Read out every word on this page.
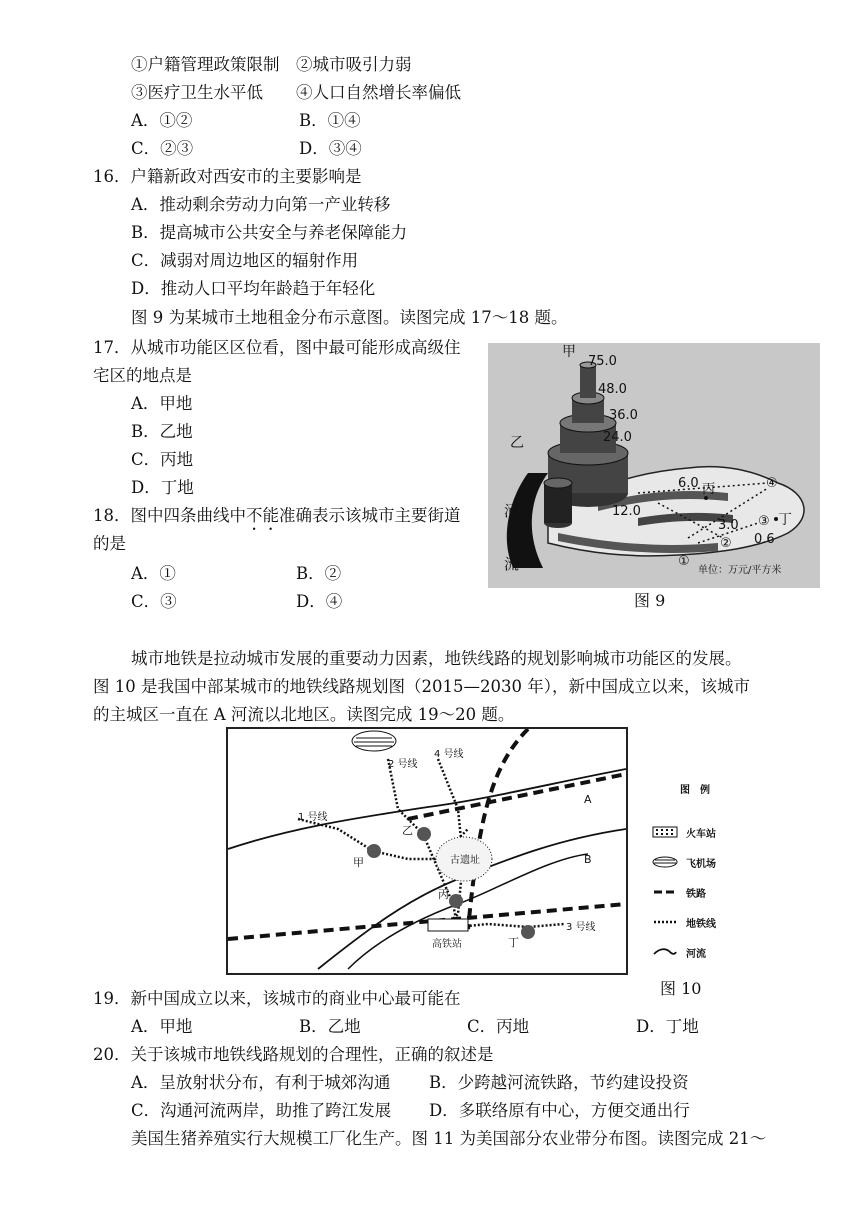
①户籍管理政策限制　②城市吸引力弱
③医疗卫生水平低　　④人口自然增长率偏低
A．①②	B．①④
C．②③	D．③④
16．户籍新政对西安市的主要影响是
A．推动剩余劳动力向第一产业转移
B．提高城市公共安全与养老保障能力
C．减弱对周边地区的辐射作用
D．推动人口平均年龄趋于年轻化
图 9 为某城市土地租金分布示意图。读图完成 17～18 题。
17．从城市功能区区位看，图中最可能形成高级住
宅区的地点是
A．甲地
B．乙地
C．丙地
D．丁地
18．图中四条曲线中不能准确表示该城市主要街道
的是
A．①	B．②
C．③	D．④
甲
75.0
48.0
36.0
24.0
乙
12.0
6.0 丙
3.0	丁
0.6
河
流
④
③
②
①
单位：万元/平方米
图 9
城市地铁是拉动城市发展的重要动力因素，地铁线路的规划影响城市功能区的发展。
图 10 是我国中部某城市的地铁线路规划图（2015—2030 年），新中国成立以来，该城市
的主城区一直在 A 河流以北地区。读图完成 19～20 题。
2 号线
4 号线
1 号线
3 号线
乙
甲
丙
丁
古遗址
高铁站
A
B
图　例
火车站
飞机场
铁路
地铁线
河流
图 10
19．新中国成立以来，该城市的商业中心最可能在
A．甲地	B．乙地	C．丙地	D．丁地
20．关于该城市地铁线路规划的合理性，正确的叙述是
A．呈放射状分布，有利于城郊沟通 B．少跨越河流铁路，节约建设投资
C．沟通河流两岸，助推了跨江发展 D．多联络原有中心，方便交通出行
美国生猪养殖实行大规模工厂化生产。图 11 为美国部分农业带分布图。读图完成 21～
